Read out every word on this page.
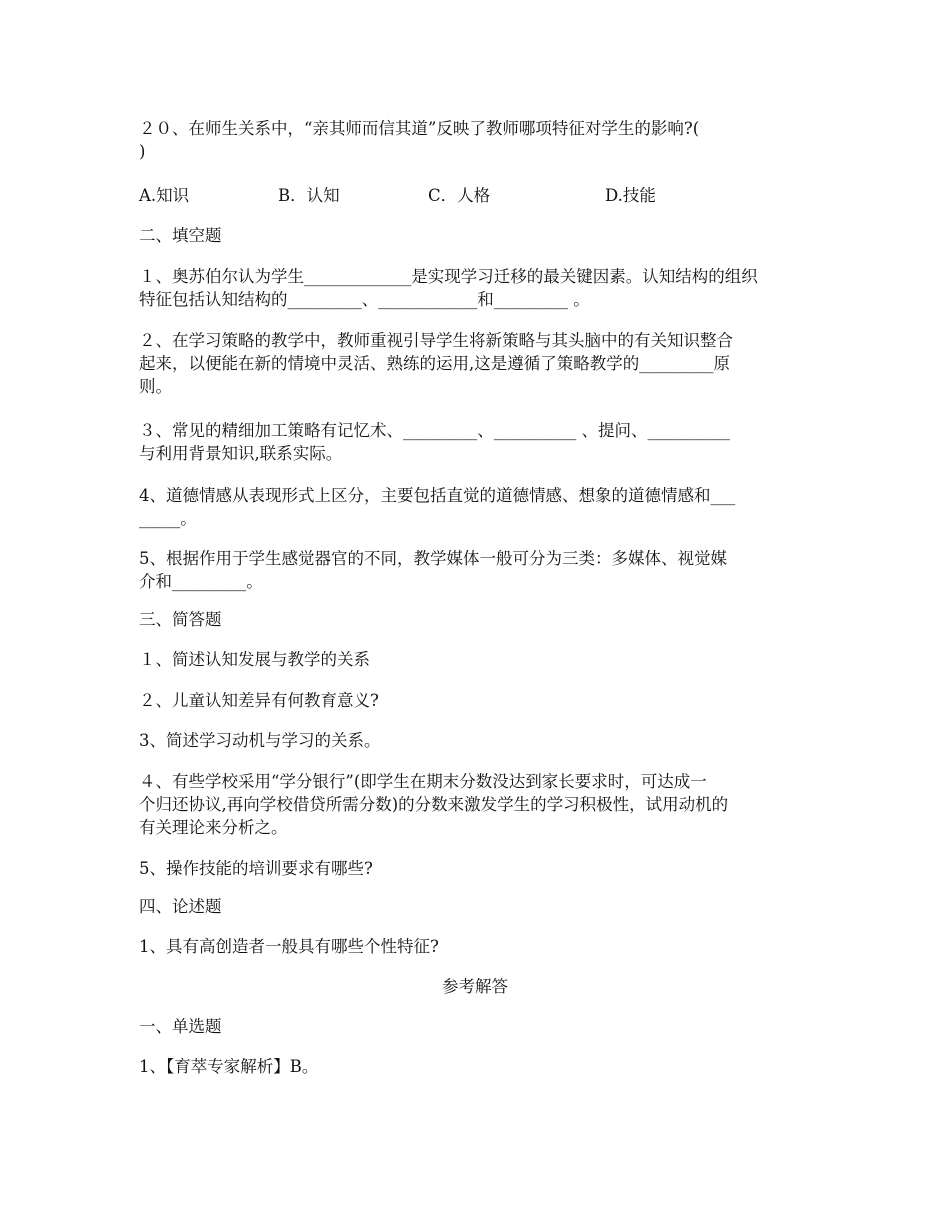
２０、在师生关系中，“亲其师而信其道”反映了教师哪项特征对学生的影响?(
)
A.知识	B．认知	C．人格	D.技能
二、填空题
１、奥苏伯尔认为学生_____________是实现学习迁移的最关键因素。认知结构的组织
特征包括认知结构的_________、____________和_________ 。
２、在学习策略的教学中，教师重视引导学生将新策略与其头脑中的有关知识整合
起来，以便能在新的情境中灵活、熟练的运用,这是遵循了策略教学的_________原
则。
３、常见的精细加工策略有记忆术、_________、__________ 、提问、__________
与利用背景知识,联系实际。
4、道德情感从表现形式上区分，主要包括直觉的道德情感、想象的道德情感和___
_____。
5、根据作用于学生感觉器官的不同，教学媒体一般可分为三类：多媒体、视觉媒
介和_________。
三、简答题
１、简述认知发展与教学的关系
２、儿童认知差异有何教育意义?
3、简述学习动机与学习的关系。
４、有些学校采用“学分银行”(即学生在期末分数没达到家长要求时，可达成一
个归还协议,再向学校借贷所需分数)的分数来激发学生的学习积极性，试用动机的
有关理论来分析之。
5、操作技能的培训要求有哪些?
四、论述题
1、具有高创造者一般具有哪些个性特征?
参考解答
一、单选题
1、【育萃专家解析】B。
